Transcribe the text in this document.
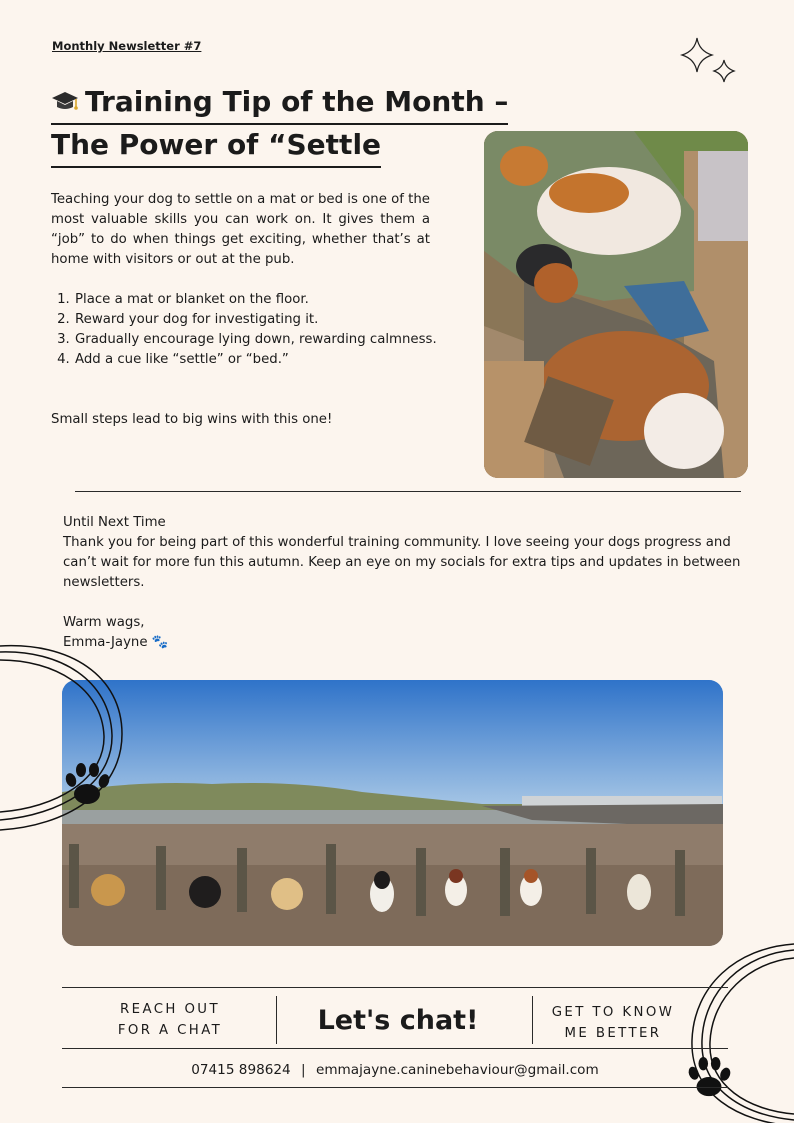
Monthly Newsletter #7
Training Tip of the Month –
The Power of “Settle
Teaching your dog to settle on a mat or bed is one of the most valuable skills you can work on. It gives them a “job” to do when things get exciting, whether that’s at home with visitors or out at the pub.
1. Place a mat or blanket on the floor.
2. Reward your dog for investigating it.
3. Gradually encourage lying down, rewarding calmness.
4. Add a cue like “settle” or “bed.”
Small steps lead to big wins with this one!

Until Next Time

Thank you for being part of this wonderful training community. I love seeing your dogs progress and can’t wait for more fun this autumn. Keep an eye on my socials for extra tips and updates in between newsletters.

Warm wags,

Emma-Jayne 🐾

REACH OUT
FOR A CHAT	Let's chat!	GET TO KNOW
ME BETTER
07415 898624 | emmajayne.caninebehaviour@gmail.com
